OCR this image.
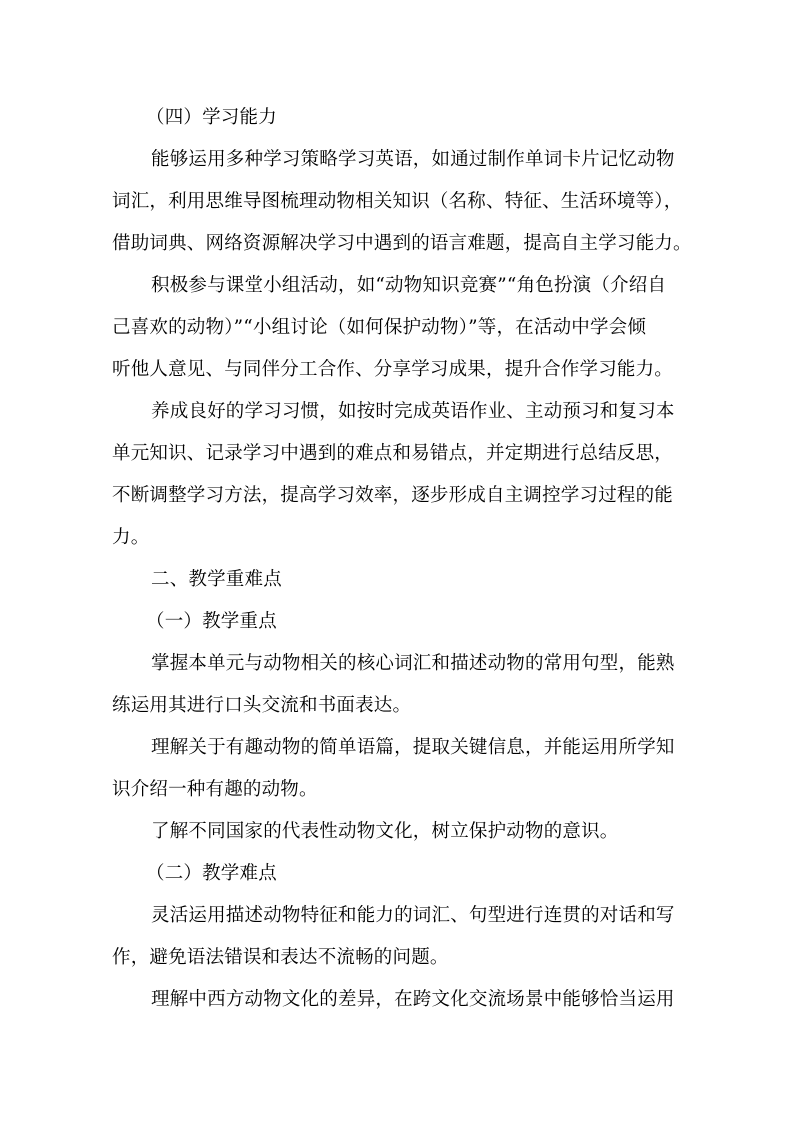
（四）学习能力

能够运用多种学习策略学习英语，如通过制作单词卡片记忆动物

词汇，利用思维导图梳理动物相关知识（名称、特征、生活环境等），

借助词典、网络资源解决学习中遇到的语言难题，提高自主学习能力。

积极参与课堂小组活动，如“动物知识竞赛”“角色扮演（介绍自

己喜欢的动物）”“小组讨论（如何保护动物）”等，在活动中学会倾

听他人意见、与同伴分工合作、分享学习成果，提升合作学习能力。

养成良好的学习习惯，如按时完成英语作业、主动预习和复习本

单元知识、记录学习中遇到的难点和易错点，并定期进行总结反思，

不断调整学习方法，提高学习效率，逐步形成自主调控学习过程的能

力。

二、教学重难点

（一）教学重点

掌握本单元与动物相关的核心词汇和描述动物的常用句型，能熟

练运用其进行口头交流和书面表达。

理解关于有趣动物的简单语篇，提取关键信息，并能运用所学知

识介绍一种有趣的动物。

了解不同国家的代表性动物文化，树立保护动物的意识。

（二）教学难点

灵活运用描述动物特征和能力的词汇、句型进行连贯的对话和写

作，避免语法错误和表达不流畅的问题。

理解中西方动物文化的差异，在跨文化交流场景中能够恰当运用
